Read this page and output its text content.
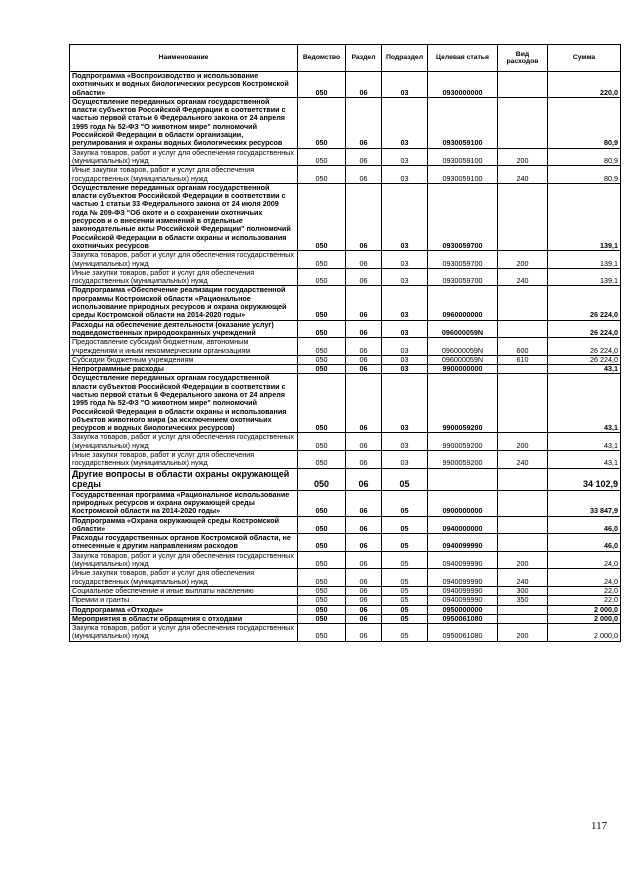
Наименование	Ведомство	Раздел	Подраздел	Целевая статья	Вид расходов	Сумма
Подпрограмма «Воспроизводство и использование охотничьих и водных биологических ресурсов Костромской области»	050	06	03	0930000000		220,0
Осуществление переданных органам государственной власти субъектов Российской Федерации в соответствии с частью первой статьи 6 Федерального закона от 24 апреля 1995 года № 52-ФЗ "О животном мире" полномочий Российской Федерации в области организации, регулирования и охраны водных биологических ресурсов	050	06	03	0930059100		80,9
Закупка товаров, работ и услуг для обеспечения государственных (муниципальных) нужд	050	06	03	0930059100	200	80,9
Иные закупки товаров, работ и услуг для обеспечения государственных (муниципальных) нужд	050	06	03	0930059100	240	80,9
Осуществление переданных органам государственной власти субъектов Российской Федерации в соответствии с частью 1 статьи 33 Федерального закона от 24 июля 2009 года № 209-ФЗ "Об охоте и о сохранении охотничьих ресурсов и о внесении изменений в отдельные законодательные акты Российской Федерации" полномочий Российской Федерации в области охраны и использования охотничьих ресурсов	050	06	03	0930059700		139,1
Закупка товаров, работ и услуг для обеспечения государственных (муниципальных) нужд	050	06	03	0930059700	200	139,1
Иные закупки товаров, работ и услуг для обеспечения государственных (муниципальных) нужд	050	06	03	0930059700	240	139,1
Подпрограмма «Обеспечение реализации государственной программы Костромской области «Рациональное использование природных ресурсов и охрана окружающей среды Костромской области на 2014-2020 годы»	050	06	03	0960000000		26 224,0
Расходы на обеспечение деятельности (оказание услуг) подведомственных природоохранных учреждений	050	06	03	096000059N		26 224,0
Предоставление субсидий бюджетным, автономным учреждениям и иным некоммерческим организациям	050	06	03	096000059N	600	26 224,0
Субсидии бюджетным учреждениям	050	06	03	096000059N	610	26 224,0
Непрограммные расходы	050	06	03	9900000000		43,1
Осуществление переданных органам государственной власти субъектов Российской Федерации в соответствии с частью первой статьи 6 Федерального закона от 24 апреля 1995 года № 52-ФЗ "О животном мире" полномочий Российской Федерации в области охраны и использования объектов животного мира (за исключением охотничьих ресурсов и водных биологических ресурсов)	050	06	03	9900059200		43,1
Закупка товаров, работ и услуг для обеспечения государственных (муниципальных) нужд	050	06	03	9900059200	200	43,1
Иные закупки товаров, работ и услуг для обеспечения государственных (муниципальных) нужд	050	06	03	9900059200	240	43,1
Другие вопросы в области охраны окружающей среды	050	06	05			34 102,9
Государственная программа «Рациональное использование природных ресурсов и охрана окружающей среды Костромской области на 2014-2020 годы»	050	06	05	0900000000		33 847,9
Подпрограмма «Охрана окружающей среды Костромской области»	050	06	05	0940000000		46,0
Расходы государственных органов Костромской области, не отнесенные к другим направлениям расходов	050	06	05	0940099990		46,0
Закупка товаров, работ и услуг для обеспечения государственных (муниципальных) нужд	050	06	05	0940099990	200	24,0
Иные закупки товаров, работ и услуг для обеспечения государственных (муниципальных) нужд	050	06	05	0940099990	240	24,0
Социальное обеспечение и иные выплаты населению	050	06	05	0940099990	300	22,0
Премии и гранты	050	06	05	0940099990	350	22,0
Подпрограмма «Отходы»	050	06	05	0950000000		2 000,0
Мероприятия в области обращения с отходами	050	06	05	0950061080		2 000,0
Закупка товаров, работ и услуг для обеспечения государственных (муниципальных) нужд	050	06	05	0950061080	200	2 000,0
117
